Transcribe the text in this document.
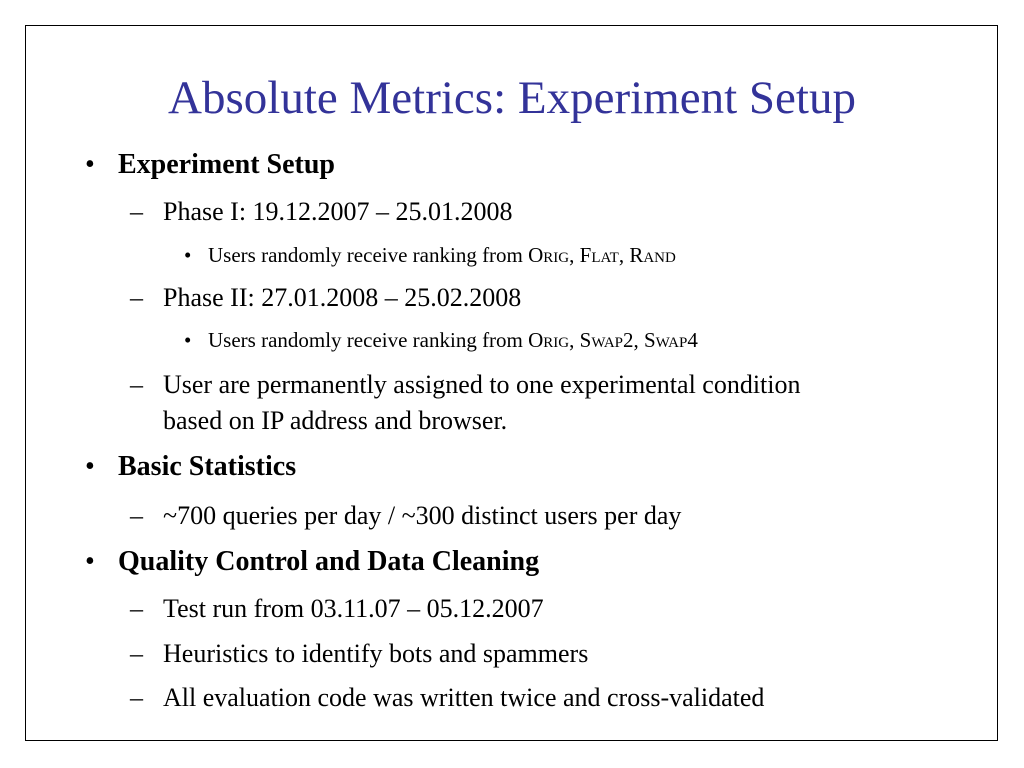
Absolute Metrics: Experiment Setup
• Experiment Setup
– Phase I: 19.12.2007 – 25.01.2008
• Users randomly receive ranking from Orig, Flat, Rand
– Phase II: 27.01.2008 – 25.02.2008
• Users randomly receive ranking from Orig, Swap2, Swap4
– User are permanently assigned to one experimental condition
based on IP address and browser.
• Basic Statistics
– ~700 queries per day / ~300 distinct users per day
• Quality Control and Data Cleaning
– Test run from 03.11.07 – 05.12.2007
– Heuristics to identify bots and spammers
– All evaluation code was written twice and cross-validated
